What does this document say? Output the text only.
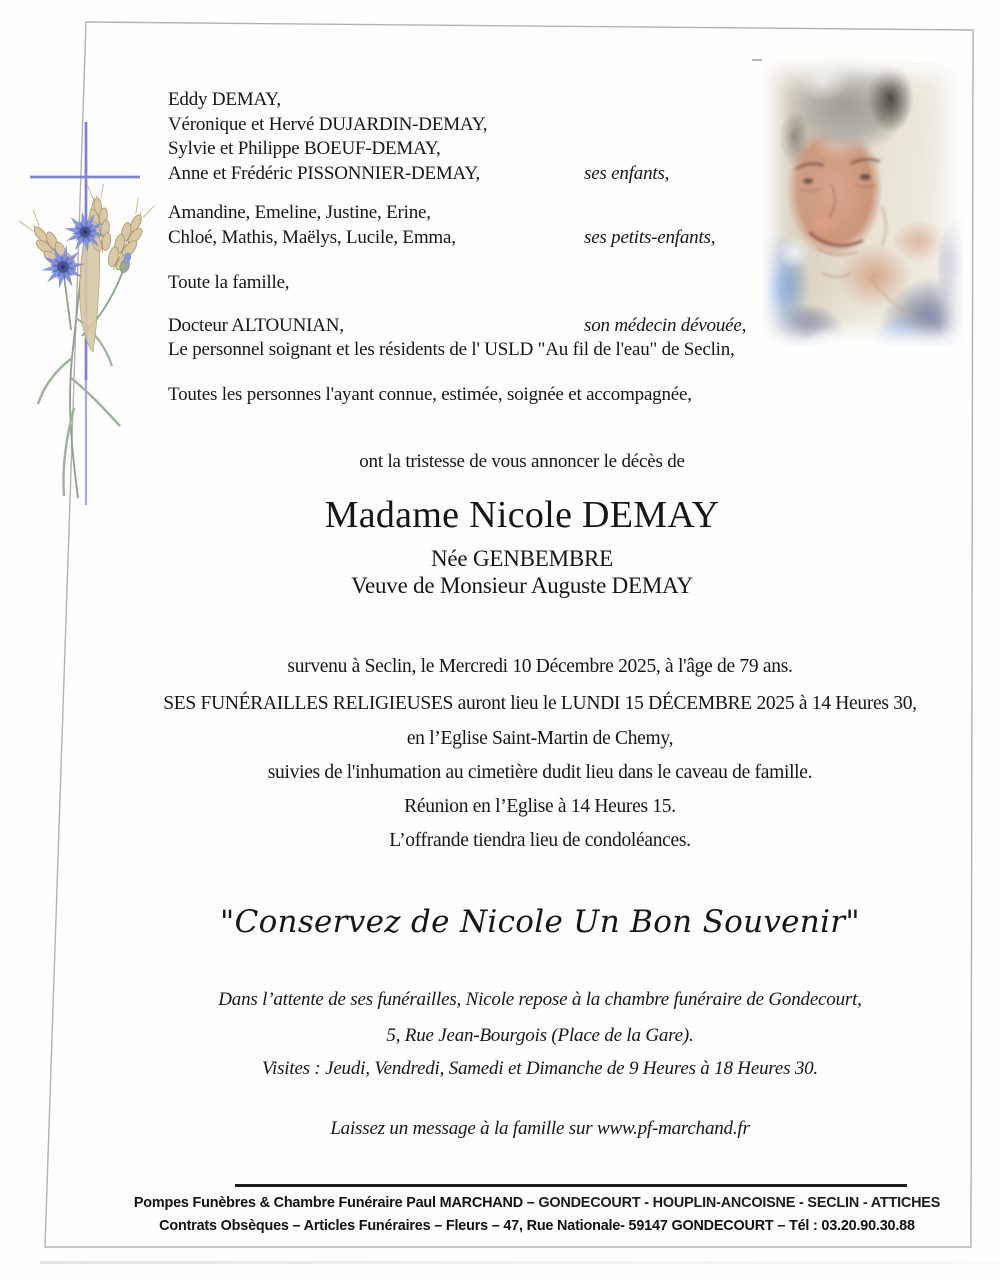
Eddy DEMAY,
Véronique et Hervé DUJARDIN-DEMAY,
Sylvie et Philippe BOEUF-DEMAY,
Anne et Frédéric PISSONNIER-DEMAY,	ses enfants,
Amandine, Emeline, Justine, Erine,
Chloé, Mathis, Maëlys, Lucile, Emma,	ses petits-enfants,
Toute la famille,
Docteur ALTOUNIAN,	son médecin dévouée,
Le personnel soignant et les résidents de l' USLD "Au fil de l'eau" de Seclin,
Toutes les personnes l'ayant connue, estimée, soignée et accompagnée,
ont la tristesse de vous annoncer le décès de
Madame Nicole DEMAY
Née GENBEMBRE
Veuve de Monsieur Auguste DEMAY
survenu à Seclin, le Mercredi 10 Décembre 2025, à l'âge de 79 ans.
SES FUNÉRAILLES RELIGIEUSES auront lieu le LUNDI 15 DÉCEMBRE 2025 à 14 Heures 30,
en l’Eglise Saint-Martin de Chemy,
suivies de l'inhumation au cimetière dudit lieu dans le caveau de famille.
Réunion en l’Eglise à 14 Heures 15.
L’offrande tiendra lieu de condoléances.
"Conservez de Nicole Un Bon Souvenir"
Dans l’attente de ses funérailles, Nicole repose à la chambre funéraire de Gondecourt,
5, Rue Jean-Bourgois (Place de la Gare).
Visites : Jeudi, Vendredi, Samedi et Dimanche de 9 Heures à 18 Heures 30.
Laissez un message à la famille sur www.pf-marchand.fr
Pompes Funèbres & Chambre Funéraire Paul MARCHAND – GONDECOURT - HOUPLIN-ANCOISNE - SECLIN - ATTICHES
Contrats Obsèques – Articles Funéraires – Fleurs – 47, Rue Nationale- 59147 GONDECOURT – Tél : 03.20.90.30.88
